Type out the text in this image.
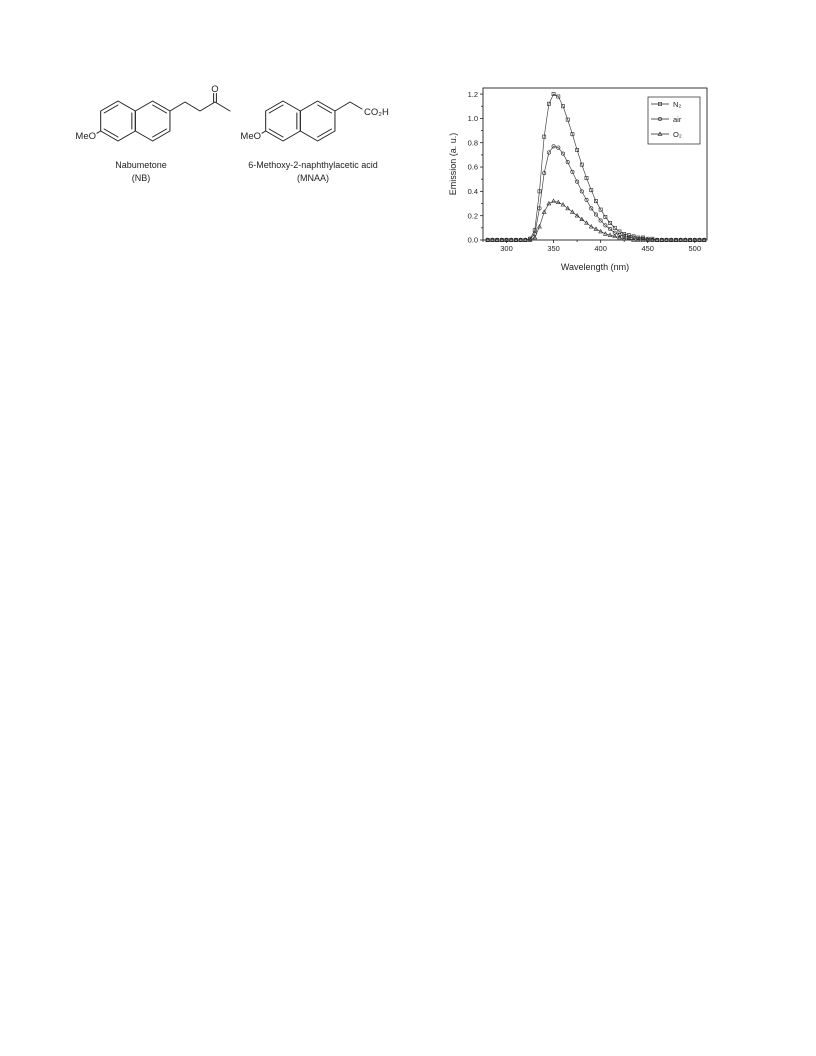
MeO
O
Nabumetone
(NB)
MeO
CO₂H
6-Methoxy-2-naphthylacetic acid
(MNAA)
0.0
0.2
0.4
0.6
0.8
1.0
1.2
300	350	400	450	500
Emission (a. u.)
Wavelength (nm)
N₂
air
O₂
